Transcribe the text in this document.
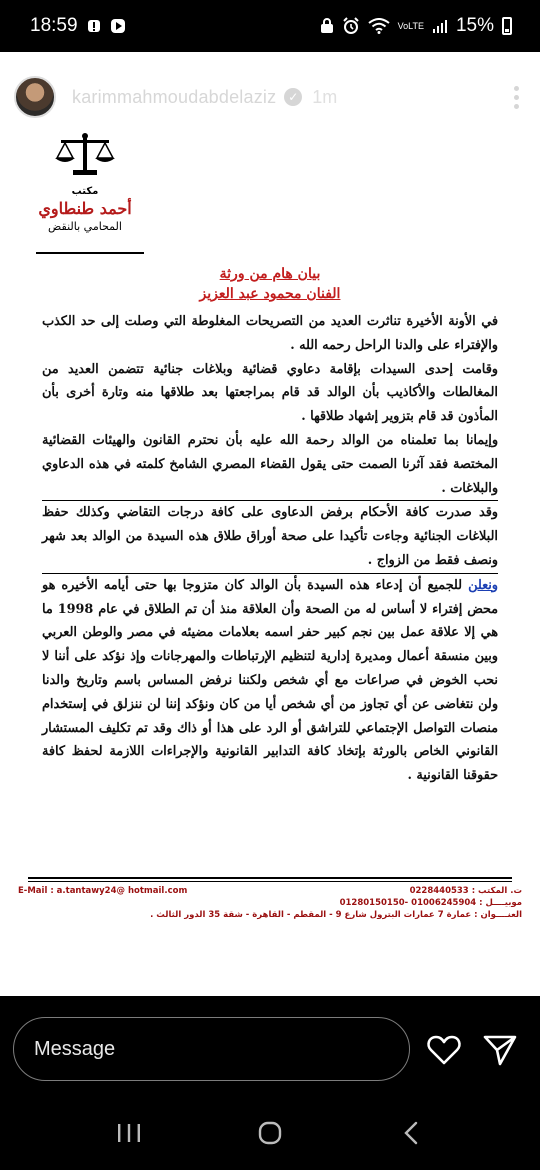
18:59	VoLTE 15%
karimmahmoudabdelaziz ✓ 1m
مكتب
أحمد طنطاوي
المحامي بالنقض
بيان هام من ورثة
الفنان محمود عبد العزيز

في الأونة الأخيرة تناثرت العديد من التصريحات المغلوطة التي وصلت إلى حد الكذب والإفتراء على والدنا الراحل رحمه الله .

وقامت إحدى السيدات بإقامة دعاوي قضائية وبلاغات جنائية تتضمن العديد من المغالطات والأكاذيب بأن الوالد قد قام بمراجعتها بعد طلاقها منه وتارة أخرى بأن المأذون قد قام بتزوير إشهاد طلاقها .

وإيمانا بما تعلمناه من الوالد رحمة الله عليه بأن نحترم القانون والهيئات القضائية المختصة فقد آثرنا الصمت حتى يقول القضاء المصري الشامخ كلمته في هذه الدعاوي والبلاغات .

وقد صدرت كافة الأحكام برفض الدعاوى على كافة درجات التقاضي وكذلك حفظ البلاغات الجنائية وجاءت تأكيدا على صحة أوراق طلاق هذه السيدة من الوالد بعد شهر ونصف فقط من الزواج .

ونعلن للجميع أن إدعاء هذه السيدة بأن الوالد كان متزوجا بها حتى أيامه الأخيره هو محض إفتراء لا أساس له من الصحة وأن العلاقة منذ أن تم الطلاق في عام 1998 ما هي إلا علاقة عمل بين نجم كبير حفر اسمه بعلامات مضيئه في مصر والوطن العربي وبين منسقة أعمال ومديرة إدارية لتنظيم الإرتباطات والمهرجانات وإذ نؤكد على أننا لا نحب الخوض في صراعات مع أي شخص ولكننا نرفض المساس باسم وتاريخ والدنا ولن نتغاضى عن أي تجاوز من أي شخص أيا من كان ونؤكد إننا لن ننزلق في إستخدام منصات التواصل الإجتماعي للتراشق أو الرد على هذا أو ذاك وقد تم تكليف المستشار القانوني الخاص بالورثة بإتخاذ كافة التدابير القانونية والإجراءات اللازمة لحفظ كافة حقوقنا القانونية .

E-Mail : a.tantawy24@ hotmail.com	ت. المكتب : 0228440533
موبيــــل : 01006245904 -01280150150
العنــــوان : عمارة 7 عمارات البترول شارع 9 - المقطم - القاهرة - شقة 35 الدور الثالث .
Message
